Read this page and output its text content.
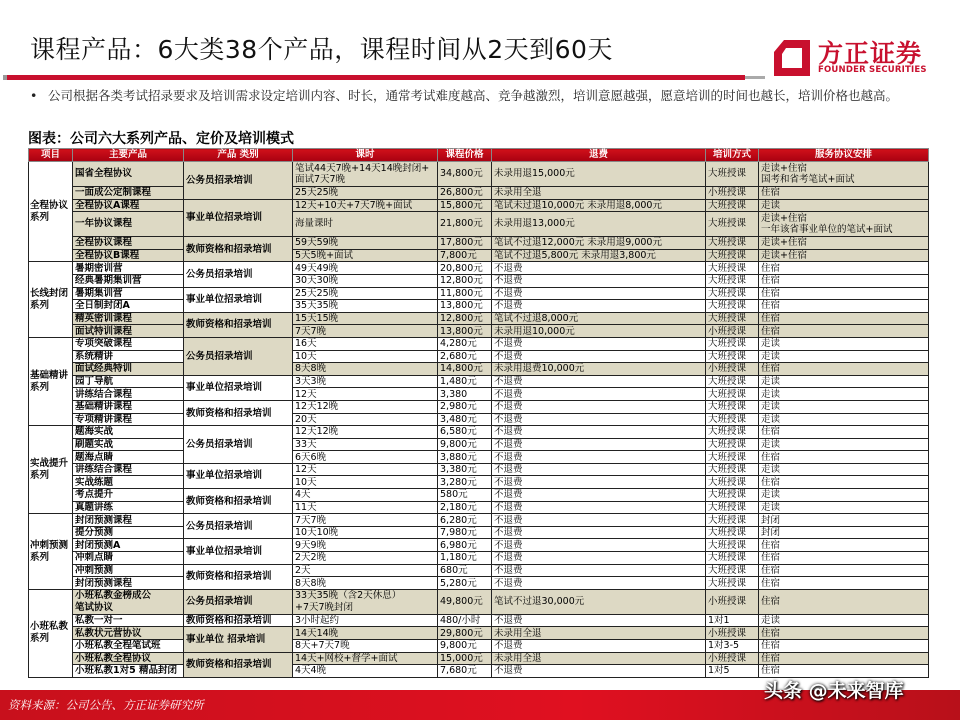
课程产品：6大类38个产品，课程时间从2天到60天	方正证券
FOUNDER SECURITIES
• 公司根据各类考试招录要求及培训需求设定培训内容、时长，通常考试难度越高、竞争越激烈，培训意愿越强，愿意培训的时间也越长，培训价格也越高。
图表：公司六大系列产品、定价及培训模式
项目	主要产品	产品 类别	课时	课程价格	退费	培训方式	服务协议安排
全程协议系列	国省全程协议	公务员招录培训	笔试44天7晚+14天14晚封闭+
面试7天7晚	34,800元	未录用退15,000元	大班授课	走读+住宿
国考和省考笔试+面试
一面成公定制课程	25天25晚	26,800元	未录用全退	小班授课	住宿
全程协议A课程	事业单位招录培训	12天+10天+7天7晚+面试	15,800元	笔试未过退10,000元 未录用退8,000元	大班授课	走读
一年协议课程	海量课时	21,800元	未录用退13,000元	大班授课	走读+住宿
一年该省事业单位的笔试+面试
全程协议课程	教师资格和招录培训	59天59晚	17,800元	笔试不过退12,000元 未录用退9,000元	大班授课	走读+住宿
全程协议B课程	5天5晚+面试	7,800元	笔试不过退5,800元 未录用退3,800元	大班授课	走读+住宿
长线封闭系列	暑期密训营	公务员招录培训	49天49晚	20,800元	不退费	大班授课	住宿
经典暑期集训营	30天30晚	12,800元	不退费	大班授课	住宿
暑期集训营	事业单位招录培训	25天25晚	11,800元	不退费	大班授课	住宿
全日制封闭A	35天35晚	13,800元	不退费	大班授课	住宿
精英密训课程	教师资格和招录培训	15天15晚	12,800元	笔试不过退8,000元	大班授课	住宿
面试特训课程	7天7晚	13,800元	未录用退10,000元	小班授课	住宿
基础精讲系列	专项突破课程	公务员招录培训	16天	4,280元	不退费	大班授课	走读
系统精讲	10天	2,680元	不退费	大班授课	走读
面试经典特训	8天8晚	14,800元	未录用退费10,000元	小班授课	住宿
园丁导航	事业单位招录培训	3天3晚	1,480元	不退费	大班授课	走读
讲练结合课程	12天	3,380	不退费	大班授课	走读
基础精讲课程	教师资格和招录培训	12天12晚	2,980元	不退费	大班授课	走读
专项精讲课程	20天	3,480元	不退费	大班授课	走读
实战提升系列	题海实战	公务员招录培训	12天12晚	6,580元	不退费	大班授课	住宿
刷题实战	33天	9,800元	不退费	大班授课	走读
题海点睛	6天6晚	3,880元	不退费	大班授课	住宿
讲练结合课程	事业单位招录培训	12天	3,380元	不退费	大班授课	走读
实战练题	10天	3,280元	不退费	大班授课	住宿
考点提升	教师资格和招录培训	4天	580元	不退费	大班授课	走读
真题讲练	11天	2,180元	不退费	大班授课	走读
冲刺预测系列	封闭预测课程	公务员招录培训	7天7晚	6,280元	不退费	大班授课	封闭
提分预测	10天10晚	7,980元	不退费	大班授课	封闭
封闭预测A	事业单位招录培训	9天9晚	6,980元	不退费	大班授课	住宿
冲刺点睛	2天2晚	1,180元	不退费	大班授课	住宿
冲刺预测	教师资格和招录培训	2天	680元	不退费	大班授课	住宿
封闭预测课程	8天8晚	5,280元	不退费	大班授课	住宿
小班私教系列	小班私教金榜成公
笔试协议	公务员招录培训	33天35晚（含2天休息）
+7天7晚封闭	49,800元	笔试不过退30,000元	小班授课	住宿
私教一对一	教师资格和招录培训	3小时起约	480/小时	不退费	1对1	走读
私教状元营协议	事业单位 招录培训	14天14晚	29,800元	未录用全退	小班授课	住宿
小班私教全程笔试班	8天+7天7晚	9,800元	不退费	1对3-5	住宿
小班私教全程协议	教师资格和招录培训	14天+网校+督学+面试	15,000元	未录用全退	小班授课	住宿
小班私教1对5 精品封闭	4天4晚	7,680元	不退费	1对5	住宿
资料来源：公司公告、方正证券研究所
头条 @未来智库
